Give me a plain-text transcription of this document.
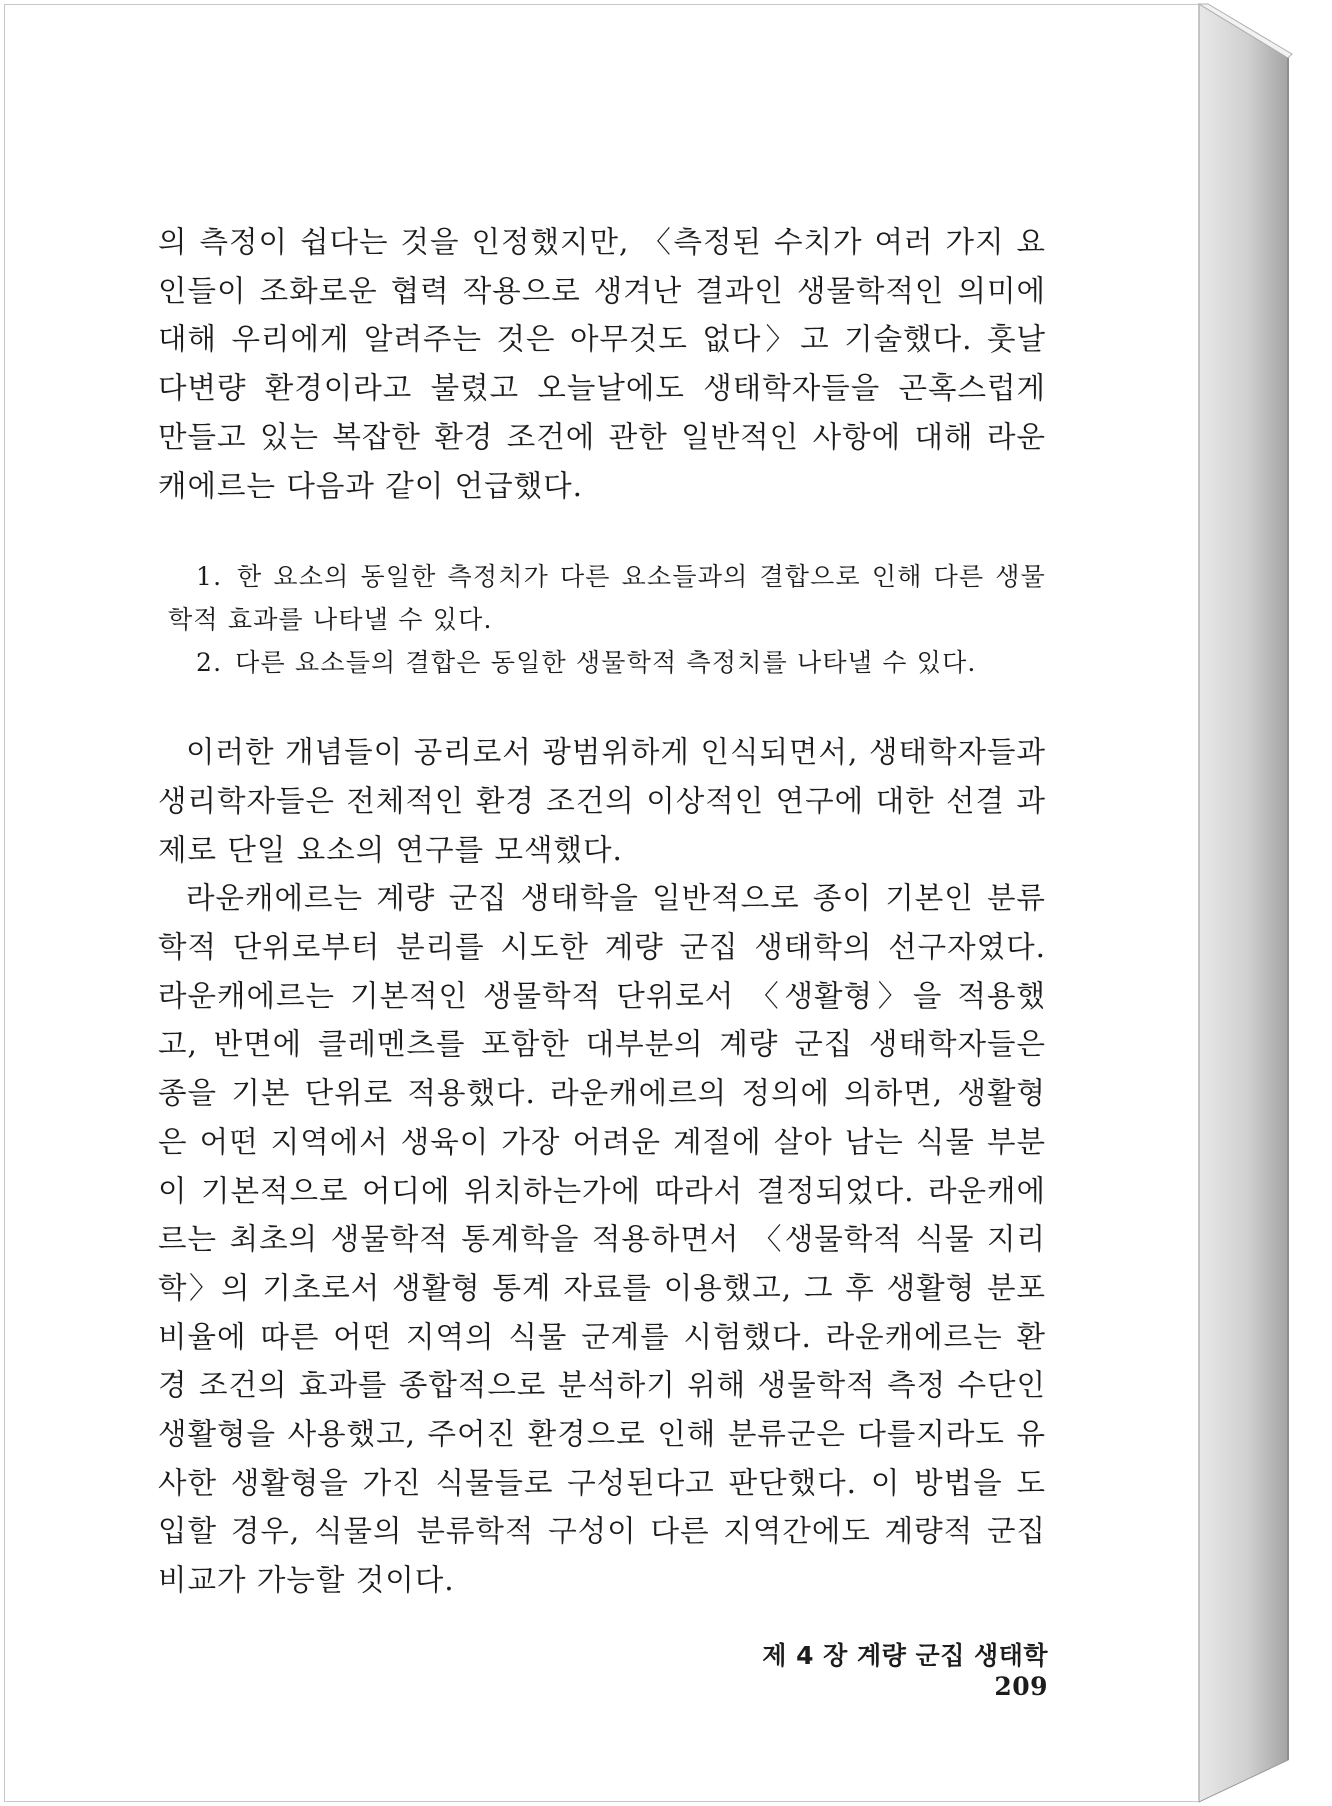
의 측정이 쉽다는 것을 인정했지만, 〈측정된 수치가 여러 가지 요인들이 조화로운 협력 작용으로 생겨난 결과인 생물학적인 의미에 대해 우리에게 알려주는 것은 아무것도 없다〉고 기술했다. 훗날 다변량 환경이라고 불렸고 오늘날에도 생태학자들을 곤혹스럽게 만들고 있는 복잡한 환경 조건에 관한 일반적인 사항에 대해 라운캐에르는 다음과 같이 언급했다.

1. 한 요소의 동일한 측정치가 다른 요소들과의 결합으로 인해 다른 생물학적 효과를 나타낼 수 있다.

2. 다른 요소들의 결합은 동일한 생물학적 측정치를 나타낼 수 있다.

이러한 개념들이 공리로서 광범위하게 인식되면서, 생태학자들과 생리학자들은 전체적인 환경 조건의 이상적인 연구에 대한 선결 과제로 단일 요소의 연구를 모색했다.

라운캐에르는 계량 군집 생태학을 일반적으로 종이 기본인 분류학적 단위로부터 분리를 시도한 계량 군집 생태학의 선구자였다. 라운캐에르는 기본적인 생물학적 단위로서 〈생활형〉을 적용했고, 반면에 클레멘츠를 포함한 대부분의 계량 군집 생태학자들은 종을 기본 단위로 적용했다. 라운캐에르의 정의에 의하면, 생활형은 어떤 지역에서 생육이 가장 어려운 계절에 살아 남는 식물 부분이 기본적으로 어디에 위치하는가에 따라서 결정되었다. 라운캐에르는 최초의 생물학적 통계학을 적용하면서 〈생물학적 식물 지리학〉의 기초로서 생활형 통계 자료를 이용했고, 그 후 생활형 분포 비율에 따른 어떤 지역의 식물 군계를 시험했다. 라운캐에르는 환경 조건의 효과를 종합적으로 분석하기 위해 생물학적 측정 수단인 생활형을 사용했고, 주어진 환경으로 인해 분류군은 다를지라도 유사한 생활형을 가진 식물들로 구성된다고 판단했다. 이 방법을 도입할 경우, 식물의 분류학적 구성이 다른 지역간에도 계량적 군집 비교가 가능할 것이다.

제 4 장 계량 군집 생태학209
